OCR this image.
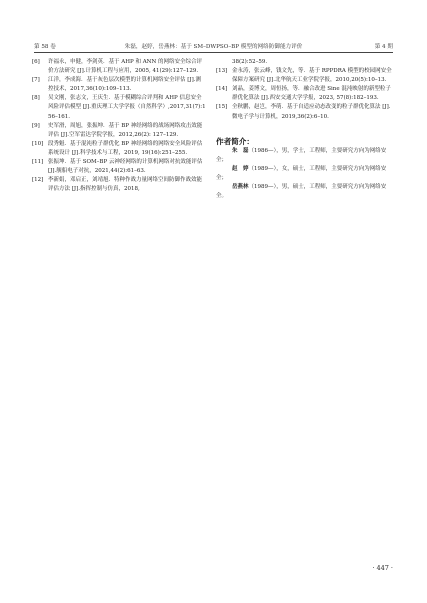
第 58 卷	朱磊，赵婷，岳燕林：基于 SM–DWPSO–BP 模型的网络防御能力评价	第 4 期
[6]	许福永，申健，李剑英．基于 AHP 和 ANN 的网络安全综合评价方法研究 [J].计算机工程与应用，2005, 41(29):127–129.
[7]	江洋，李成海．基于灰色层次模型的计算机网络安全评估 [J].测控技术，2017,36(10):109–113.
[8]	吴文刚，张志文，王庆生．基于模糊综合评判和 AHP 信息安全风险评估模型 [J].重庆理工大学学报（自然科学）,2017,31(7):156–161.
[9]	史军滑，周旭，张振坤．基于 BP 神经网络的战场网络攻击效能评估 [J].空军雷达学院学报，2012,26(2): 127–129.
[10] 段秀魁．基于混沌粒子群优化 BP 神经网络的网络安全风险评估系统设计 [J].科学技术与工程，2019, 19(16):251–255.
[11] 张振坤．基于 SOM–BP 云神经网络的计算机网络对抗效能评估 [J].舰船电子对抗，2021,44(2):61–63.
[12] 李新娟，邓启正，刘靖旭．特种作战力量网络空间防御作战效能评估方法 [J].指挥控制与仿真，2018,
38(2):52–59.
[13] 金永涛，张云峰，钱文先，等．基于 RPPDRA 模型的校园网安全保障方案研究 [J].北华航天工业学院学报，2010,20(5):10–13.
[14] 刘晶，姜博文，周恒扬，等．融合改进 Sine 混沌映射的新型粒子群优化算法 [J].西安交通大学学报，2023, 57(8):182–193.
[15] 全秋鹏，赵岂，李萌．基于自适应动态改变的粒子群优化算法 [J].微电子学与计算机，2019,36(2):6–10.
作者简介：

朱　磊（1986—），男，学士，工程师，主要研究方向为网络安全；

赵　婷（1989—），女，硕士，工程师，主要研究方向为网络安全；

岳燕林（1989—），男，硕士，工程师，主要研究方向为网络安全。

· 447 ·
